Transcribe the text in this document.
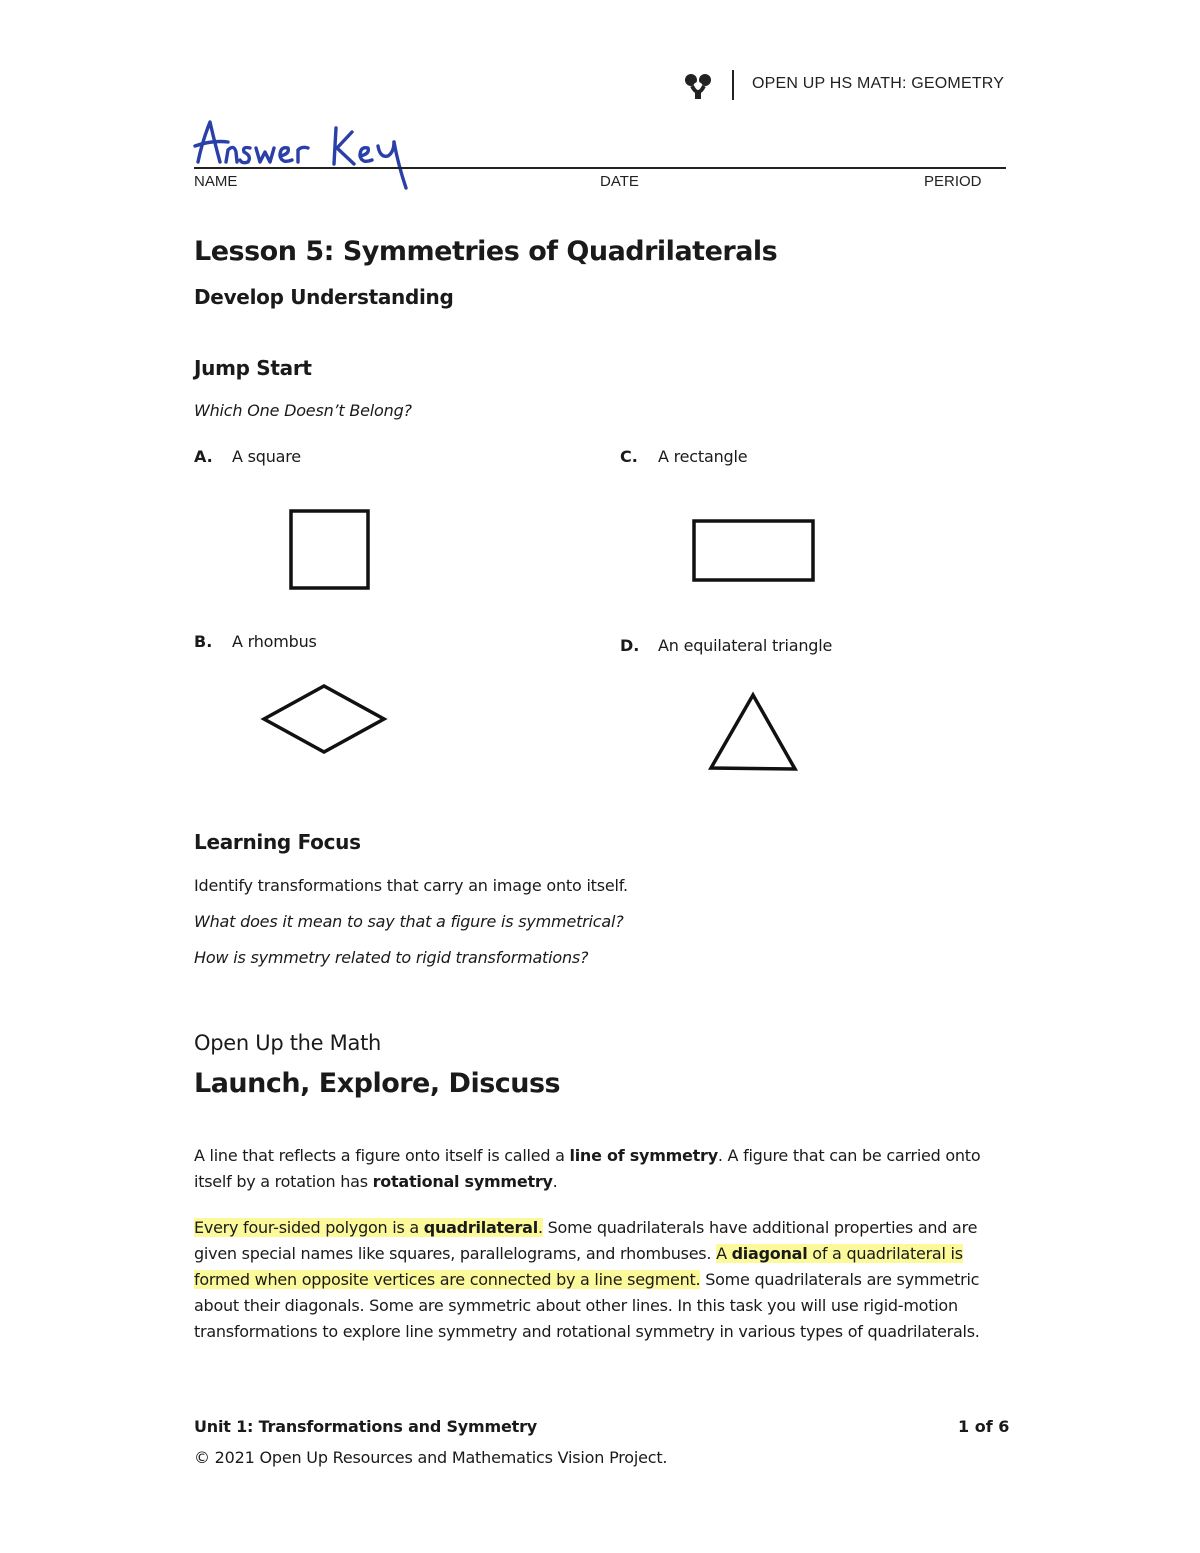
OPEN UP HS MATH: GEOMETRY
Answer Key
NAME	DATE	PERIOD
Lesson 5: Symmetries of Quadrilaterals
Develop Understanding
Jump Start
Which One Doesn’t Belong?
A. A square	C. A rectangle
B. A rhombus	D. An equilateral triangle
Learning Focus
Identify transformations that carry an image onto itself.
What does it mean to say that a figure is symmetrical?
How is symmetry related to rigid transformations?
Open Up the Math
Launch, Explore, Discuss

A line that reflects a figure onto itself is called a line of symmetry. A figure that can be carried onto itself by a rotation has rotational symmetry.

Every four-sided polygon is a quadrilateral. Some quadrilaterals have additional properties and are given special names like squares, parallelograms, and rhombuses. A diagonal of a quadrilateral is formed when opposite vertices are connected by a line segment. Some quadrilaterals are symmetric about their diagonals. Some are symmetric about other lines. In this task you will use rigid-motion transformations to explore line symmetry and rotational symmetry in various types of quadrilaterals.

Unit 1: Transformations and Symmetry	1 of 6
© 2021 Open Up Resources and Mathematics Vision Project.
